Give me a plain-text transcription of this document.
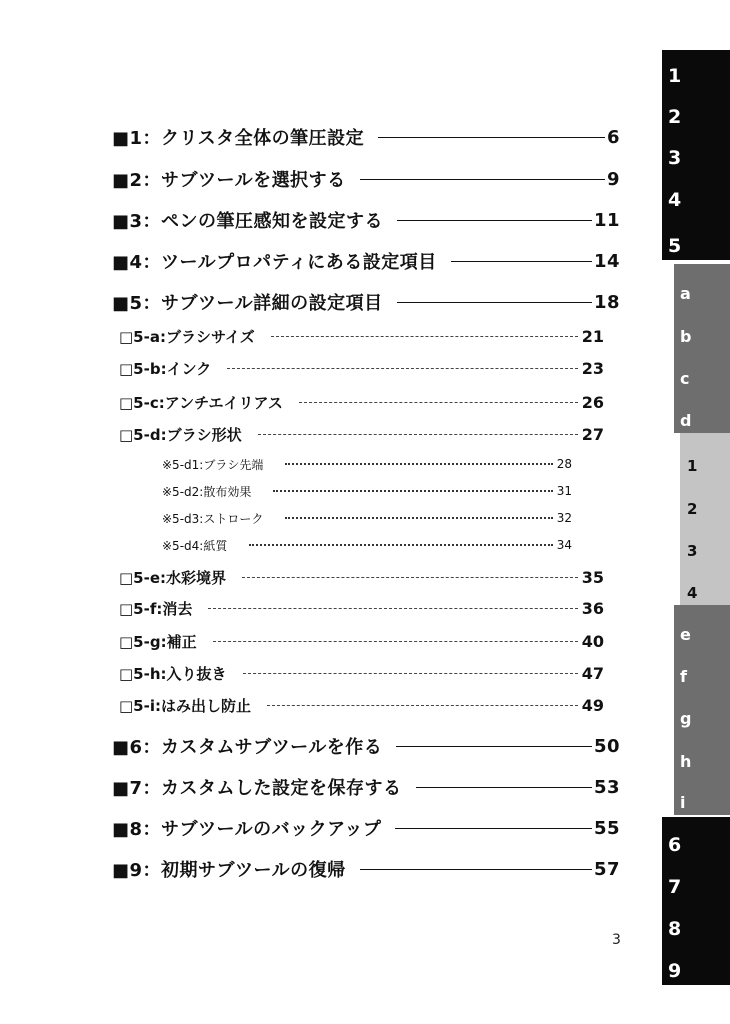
■1：クリスタ全体の筆圧設定	6
■2：サブツールを選択する	9
■3：ペンの筆圧感知を設定する	11
■4：ツールプロパティにある設定項目	14
■5：サブツール詳細の設定項目	18
□5-a:ブラシサイズ	21
□5-b:インク	23
□5-c:アンチエイリアス	26
□5-d:ブラシ形状	27
※5-d1:ブラシ先端	28
※5-d2:散布効果	31
※5-d3:ストローク	32
※5-d4:紙質	34
□5-e:水彩境界	35
□5-f:消去	36
□5-g:補正	40
□5-h:入り抜き	47
□5-i:はみ出し防止	49
■6：カスタムサブツールを作る	50
■7：カスタムした設定を保存する	53
■8：サブツールのバックアップ	55
■9：初期サブツールの復帰	57
3
1
2
3
4
5
a
b
c
d
1
2
3
4
e
f
g
h
i
6
7
8
9
